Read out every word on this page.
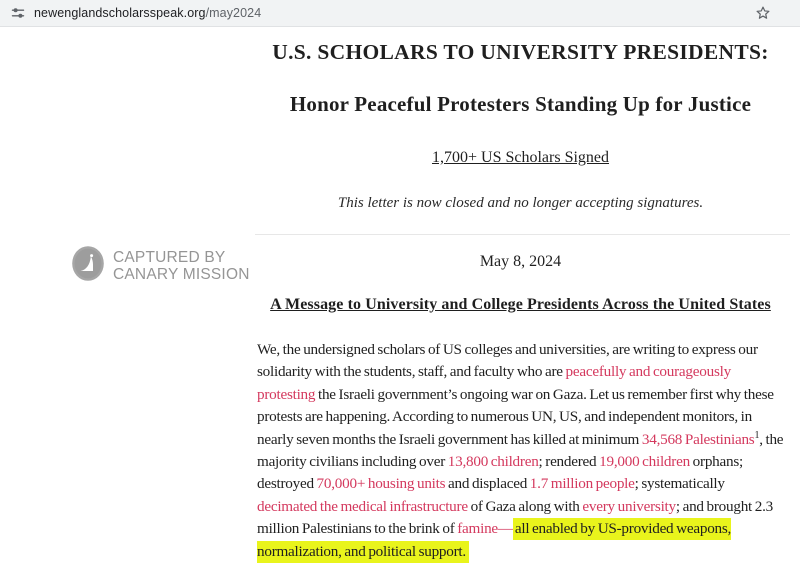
newenglandscholarsspeak.org/may2024
CAPTURED BY
CANARY MISSION
U.S. SCHOLARS TO UNIVERSITY PRESIDENTS:
Honor Peaceful Protesters Standing Up for Justice
1,700+ US Scholars Signed

This letter is now closed and no longer accepting signatures.

May 8, 2024

A Message to University and College Presidents Across the United States

We, the undersigned scholars of US colleges and universities, are writing to express our solidarity with the students, staff, and faculty who are peacefully and courageously protesting the Israeli government’s ongoing war on Gaza. Let us remember first why these protests are happening. According to numerous UN, US, and independent monitors, in nearly seven months the Israeli government has killed at minimum 34,568 Palestinians$^1$, the majority civilians including over 13,800 children; rendered 19,000 children orphans; destroyed 70,000+ housing units and displaced 1.7 million people; systematically decimated the medical infrastructure of Gaza along with every university; and brought 2.3 million Palestinians to the brink of famine— all enabled by US-provided weapons, normalization, and political support.
